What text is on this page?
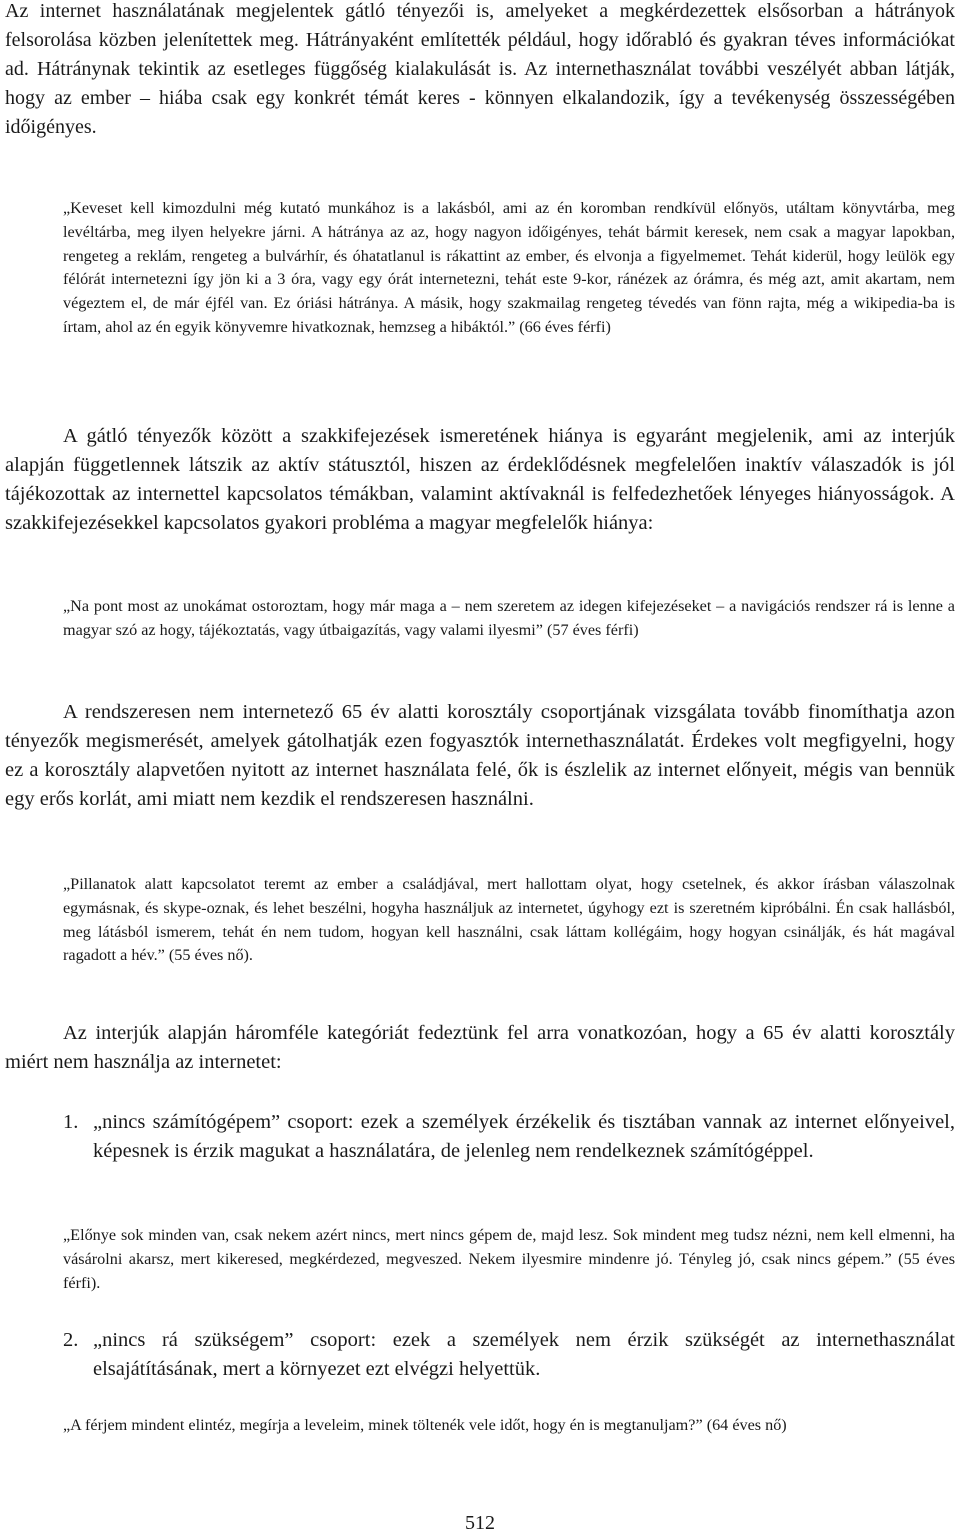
Az internet használatának megjelentek gátló tényezői is, amelyeket a megkérdezettek elsősorban a hátrányok felsorolása közben jelenítettek meg. Hátrányaként említették például, hogy időrabló és gyakran téves információkat ad. Hátránynak tekintik az esetleges függőség kialakulását is. Az internethasználat további veszélyét abban látják, hogy az ember – hiába csak egy konkrét témát keres - könnyen elkalandozik, így a tevékenység összességében időigényes.

„Keveset kell kimozdulni még kutató munkához is a lakásból, ami az én koromban rendkívül előnyös, utáltam könyvtárba, meg levéltárba, meg ilyen helyekre járni. A hátránya az az, hogy nagyon időigényes, tehát bármit keresek, nem csak a magyar lapokban, rengeteg a reklám, rengeteg a bulvárhír, és óhatatlanul is rákattint az ember, és elvonja a figyelmemet. Tehát kiderül, hogy leülök egy félórát internetezni így jön ki a 3 óra, vagy egy órát internetezni, tehát este 9-kor, ránézek az órámra, és még azt, amit akartam, nem végeztem el, de már éjfél van. Ez óriási hátránya. A másik, hogy szakmailag rengeteg tévedés van fönn rajta, még a wikipedia-ba is írtam, ahol az én egyik könyvemre hivatkoznak, hemzseg a hibáktól.” (66 éves férfi)

A gátló tényezők között a szakkifejezések ismeretének hiánya is egyaránt megjelenik, ami az interjúk alapján függetlennek látszik az aktív státusztól, hiszen az érdeklődésnek megfelelően inaktív válaszadók is jól tájékozottak az internettel kapcsolatos témákban, valamint aktívaknál is felfedezhetőek lényeges hiányosságok. A szakkifejezésekkel kapcsolatos gyakori probléma a magyar megfelelők hiánya:

„Na pont most az unokámat ostoroztam, hogy már maga a – nem szeretem az idegen kifejezéseket – a navigációs rendszer rá is lenne a magyar szó az hogy, tájékoztatás, vagy útbaigazítás, vagy valami ilyesmi” (57 éves férfi)

A rendszeresen nem internetező 65 év alatti korosztály csoportjának vizsgálata tovább finomíthatja azon tényezők megismerését, amelyek gátolhatják ezen fogyasztók internethasználatát. Érdekes volt megfigyelni, hogy ez a korosztály alapvetően nyitott az internet használata felé, ők is észlelik az internet előnyeit, mégis van bennük egy erős korlát, ami miatt nem kezdik el rendszeresen használni.

„Pillanatok alatt kapcsolatot teremt az ember a családjával, mert hallottam olyat, hogy csetelnek, és akkor írásban válaszolnak egymásnak, és skype-oznak, és lehet beszélni, hogyha használjuk az internetet, úgyhogy ezt is szeretném kipróbálni. Én csak hallásból, meg látásból ismerem, tehát én nem tudom, hogyan kell használni, csak láttam kollégáim, hogy hogyan csinálják, és hát magával ragadott a hév.” (55 éves nő).

Az interjúk alapján háromféle kategóriát fedeztünk fel arra vonatkozóan, hogy a 65 év alatti korosztály miért nem használja az internetet:

1. „nincs számítógépem” csoport: ezek a személyek érzékelik és tisztában vannak az internet előnyeivel, képesnek is érzik magukat a használatára, de jelenleg nem rendelkeznek számítógéppel.

„Előnye sok minden van, csak nekem azért nincs, mert nincs gépem de, majd lesz. Sok mindent meg tudsz nézni, nem kell elmenni, ha vásárolni akarsz, mert kikeresed, megkérdezed, megveszed. Nekem ilyesmire mindenre jó. Tényleg jó, csak nincs gépem.” (55 éves férfi).

2. „nincs rá szükségem” csoport: ezek a személyek nem érzik szükségét az internethasználat elsajátításának, mert a környezet ezt elvégzi helyettük.

„A férjem mindent elintéz, megírja a leveleim, minek töltenék vele időt, hogy én is megtanuljam?” (64 éves nő)

512
